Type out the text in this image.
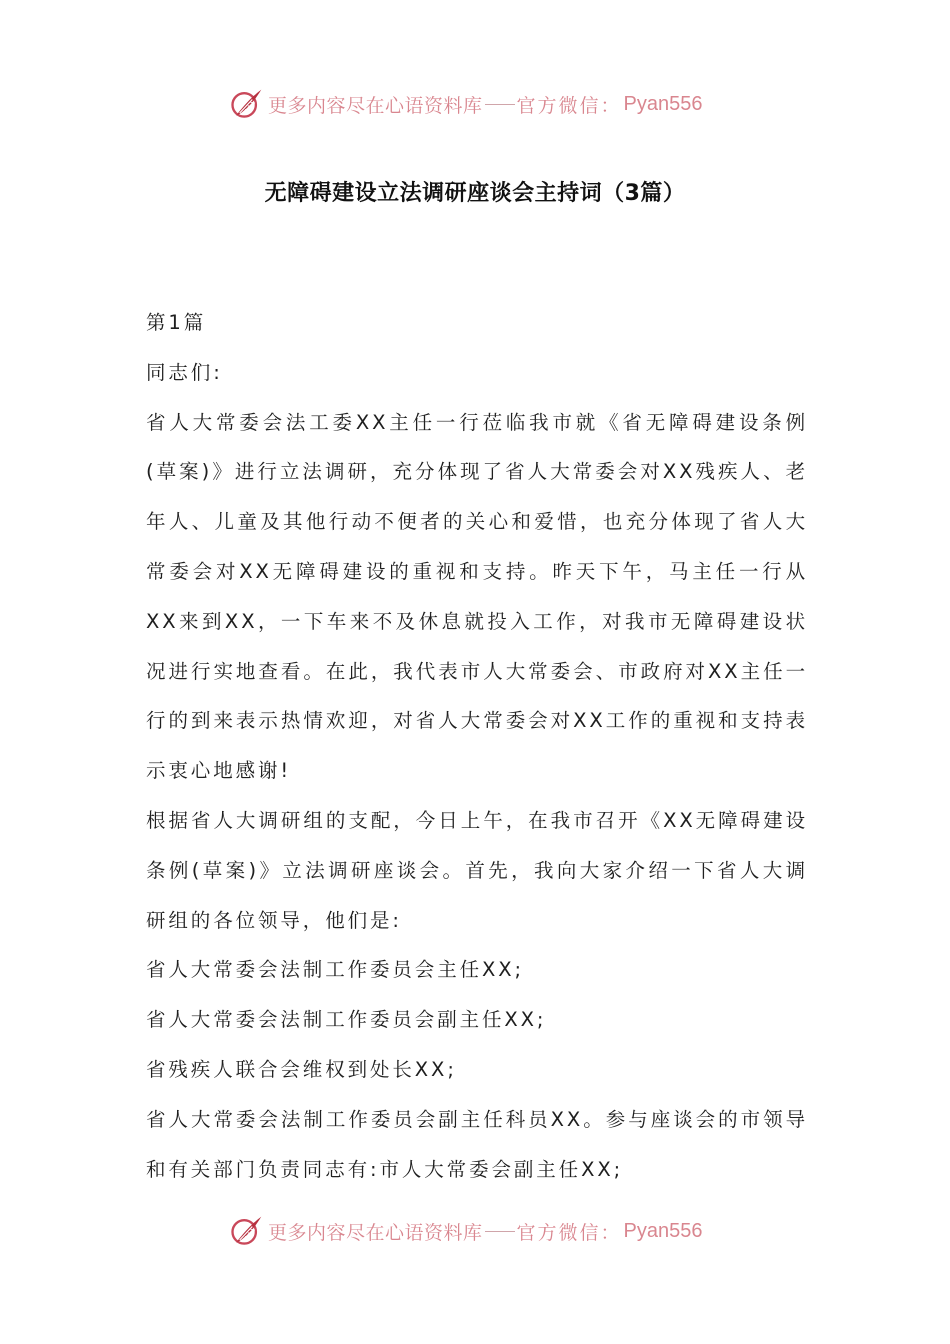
更多内容尽在心语资料库 官方微信： Pyan556
无障碍建设立法调研座谈会主持词（3篇）

第1篇

同志们:

省人大常委会法工委XX主任一行莅临我市就《省无障碍建设条例(草案)》进行立法调研，充分体现了省人大常委会对XX残疾人、老年人、儿童及其他行动不便者的关心和爱惜，也充分体现了省人大常委会对XX无障碍建设的重视和支持。昨天下午，马主任一行从XX来到XX，一下车来不及休息就投入工作，对我市无障碍建设状况进行实地查看。在此，我代表市人大常委会、市政府对XX主任一行的到来表示热情欢迎，对省人大常委会对XX工作的重视和支持表示衷心地感谢!

根据省人大调研组的支配，今日上午，在我市召开《XX无障碍建设条例(草案)》立法调研座谈会。首先，我向大家介绍一下省人大调研组的各位领导，他们是:

省人大常委会法制工作委员会主任XX;

省人大常委会法制工作委员会副主任XX;

省残疾人联合会维权到处长XX;

省人大常委会法制工作委员会副主任科员XX。参与座谈会的市领导和有关部门负责同志有:市人大常委会副主任XX;

更多内容尽在心语资料库 官方微信： Pyan556
